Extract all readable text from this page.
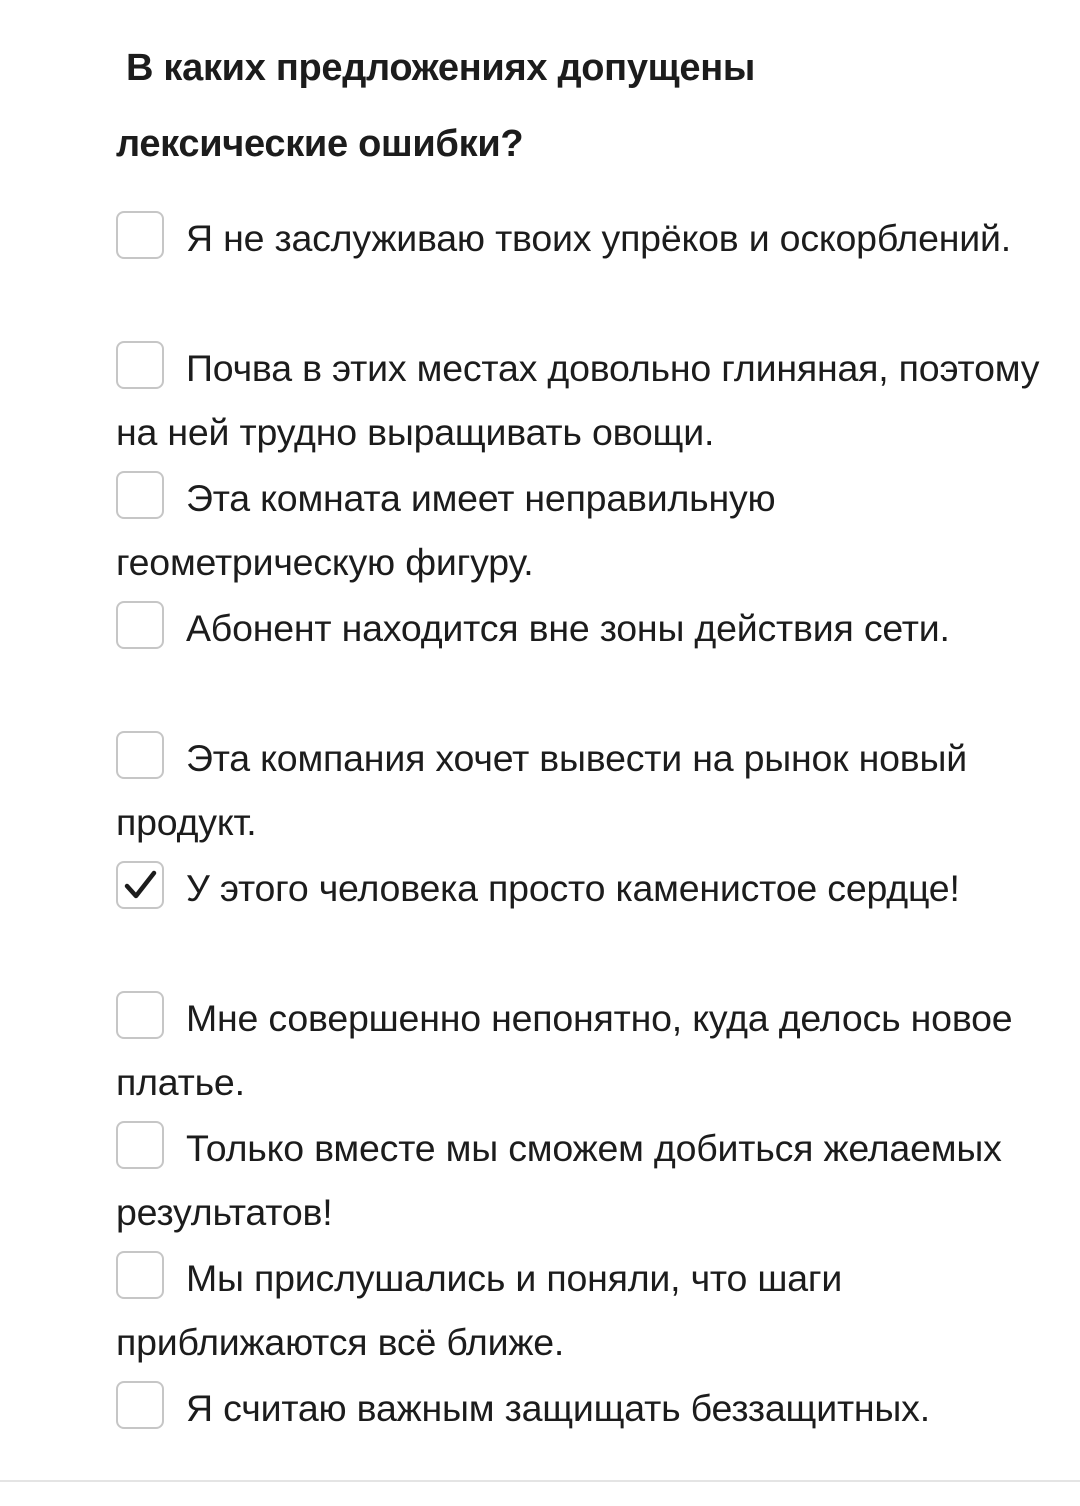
В каких предложениях допущены
лексические ошибки?
Я не заслуживаю твоих упрёков и оскорблений.
Почва в этих местах довольно глиняная, поэтому на ней трудно выращивать овощи.
Эта комната имеет неправильную геометрическую фигуру.
Абонент находится вне зоны действия сети.
Эта компания хочет вывести на рынок новый продукт.
У этого человека просто каменистое сердце!
Мне совершенно непонятно, куда делось новое платье.
Только вместе мы сможем добиться желаемых результатов!
Мы прислушались и поняли, что шаги приближаются всё ближе.
Я считаю важным защищать беззащитных.
